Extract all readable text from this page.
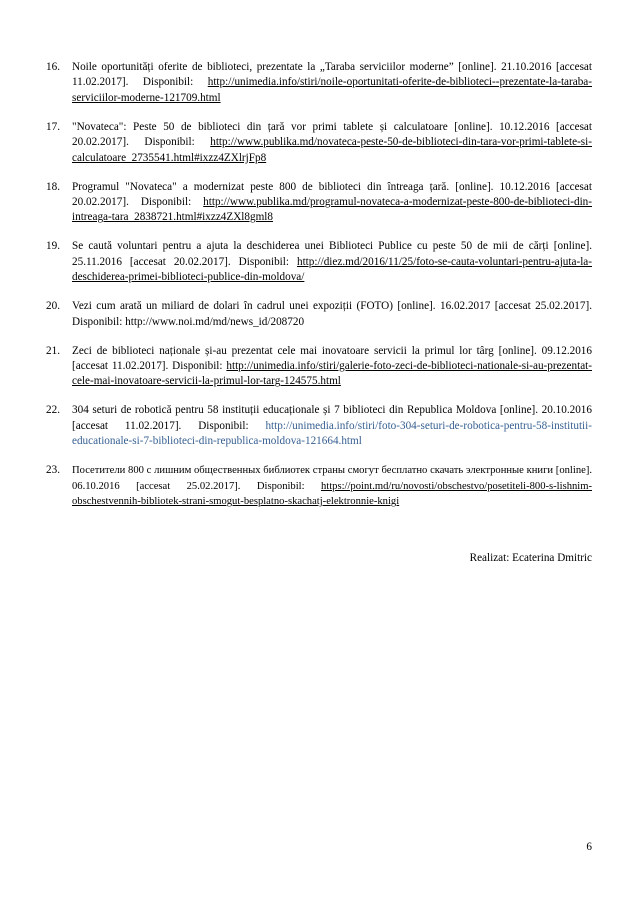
16.	Noile oportunități oferite de biblioteci, prezentate la „Taraba serviciilor moderne” [online]. 21.10.2016 [accesat 11.02.2017]. Disponibil: http://unimedia.info/stiri/noile-oportunitati-oferite-de-biblioteci--prezentate-la-taraba-serviciilor-moderne-121709.html
17.	"Novateca": Peste 50 de biblioteci din țară vor primi tablete și calculatoare [online]. 10.12.2016 [accesat 20.02.2017]. Disponibil: http://www.publika.md/novateca-peste-50-de-biblioteci-din-tara-vor-primi-tablete-si-calculatoare_2735541.html#ixzz4ZXlrjFp8
18.	Programul "Novateca" a modernizat peste 800 de biblioteci din întreaga țară. [online]. 10.12.2016 [accesat 20.02.2017]. Disponibil: http://www.publika.md/programul-novateca-a-modernizat-peste-800-de-biblioteci-din-intreaga-tara_2838721.html#ixzz4ZXl8gml8
19.	Se caută voluntari pentru a ajuta la deschiderea unei Biblioteci Publice cu peste 50 de mii de cărți [online]. 25.11.2016 [accesat 20.02.2017]. Disponibil: http://diez.md/2016/11/25/foto-se-cauta-voluntari-pentru-ajuta-la-deschiderea-primei-biblioteci-publice-din-moldova/
20.	Vezi cum arată un miliard de dolari în cadrul unei expoziții (FOTO) [online]. 16.02.2017 [accesat 25.02.2017]. Disponibil: http://www.noi.md/md/news_id/208720
21.	Zeci de biblioteci naționale și-au prezentat cele mai inovatoare servicii la primul lor târg [online]. 09.12.2016 [accesat 11.02.2017]. Disponibil: http://unimedia.info/stiri/galerie-foto-zeci-de-biblioteci-nationale-si-au-prezentat-cele-mai-inovatoare-servicii-la-primul-lor-targ-124575.html
22.	304 seturi de robotică pentru 58 instituții educaționale și 7 biblioteci din Republica Moldova [online]. 20.10.2016 [accesat 11.02.2017]. Disponibil: http://unimedia.info/stiri/foto-304-seturi-de-robotica-pentru-58-institutii-educationale-si-7-biblioteci-din-republica-moldova-121664.html
23.	Посетители 800 с лишним общественных библиотек страны смогут бесплатно скачать электронные книги [online]. 06.10.2016 [accesat 25.02.2017]. Disponibil: https://point.md/ru/novosti/obschestvo/posetiteli-800-s-lishnim-obschestvennih-bibliotek-strani-smogut-besplatno-skachatj-elektronnie-knigi
Realizat: Ecaterina Dmitric
6
